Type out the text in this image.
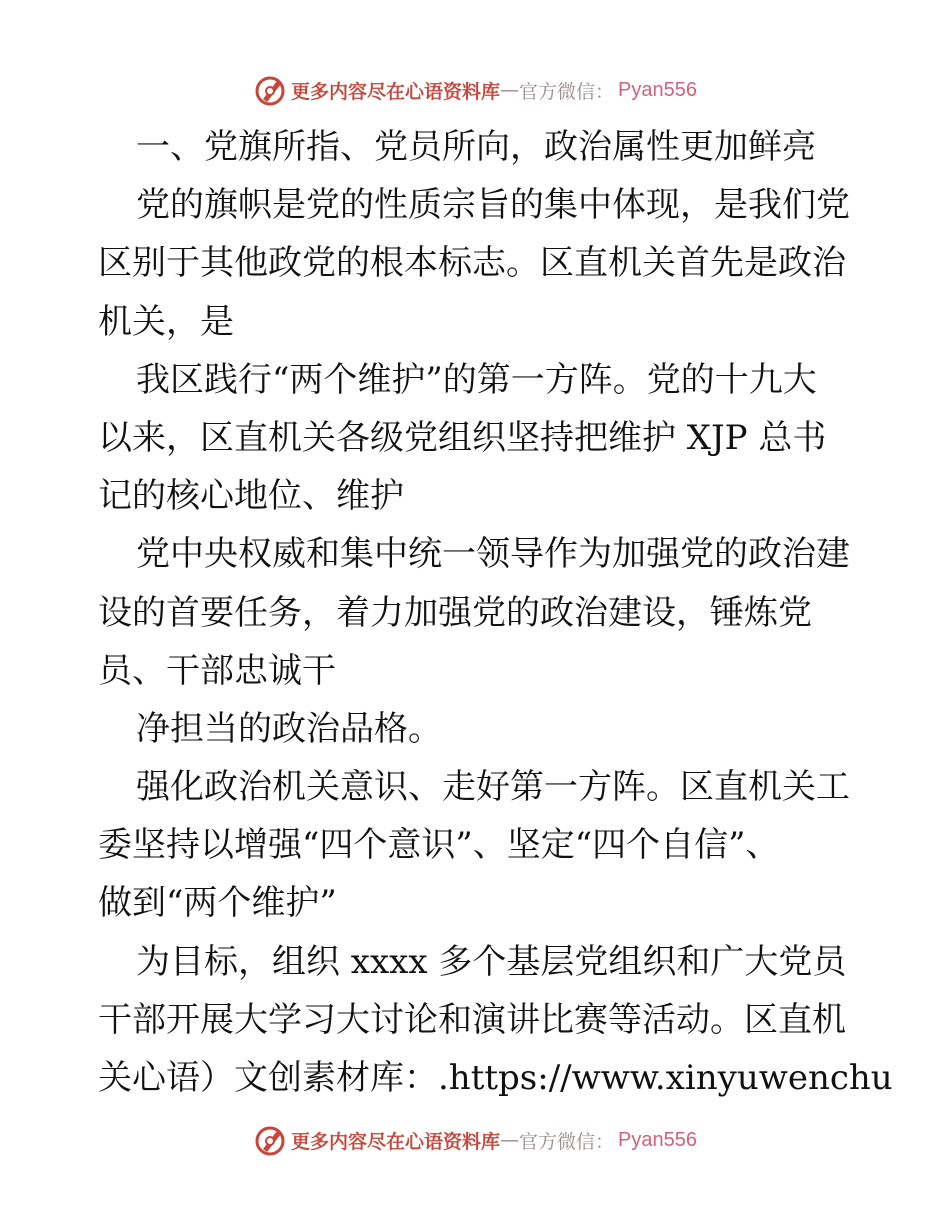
更多内容尽在心语资料库 — 官方微信： Pyan556
一、党旗所指、党员所向，政治属性更加鲜亮
党的旗帜是党的性质宗旨的集中体现，是我们党
区别于其他政党的根本标志。区直机关首先是政治
机关，是
我区践行“两个维护”的第一方阵。党的十九大
以来，区直机关各级党组织坚持把维护 XJP 总书
记的核心地位、维护
党中央权威和集中统一领导作为加强党的政治建
设的首要任务，着力加强党的政治建设，锤炼党
员、干部忠诚干
净担当的政治品格。
强化政治机关意识、走好第一方阵。区直机关工
委坚持以增强“四个意识”、坚定“四个自信”、
做到“两个维护”
为目标，组织 xxxx 多个基层党组织和广大党员
干部开展大学习大讨论和演讲比赛等活动。区直机
关心语）文创素材库：.https://www.xinyuwenchu
更多内容尽在心语资料库 — 官方微信： Pyan556
